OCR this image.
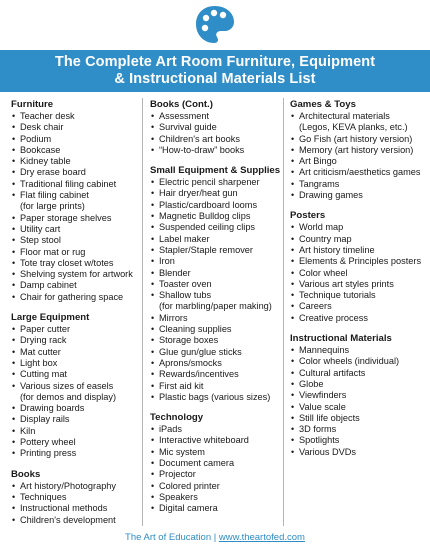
The Complete Art Room Furniture, Equipment
& Instructional Materials List
Furniture
• Teacher desk
• Desk chair
• Podium
• Bookcase
• Kidney table
• Dry erase board
• Traditional filing cabinet
• Flat filing cabinet
(for large prints)
• Paper storage shelves
• Utility cart
• Step stool
• Floor mat or rug
• Tote tray closet w/totes
• Shelving system for artwork
• Damp cabinet
• Chair for gathering space
Large Equipment
• Paper cutter
• Drying rack
• Mat cutter
• Light box
• Cutting mat
• Various sizes of easels
(for demos and display)
• Drawing boards
• Display rails
• Kiln
• Pottery wheel
• Printing press
Books
• Art history/Photography
• Techniques
• Instructional methods
• Children's development
Books (Cont.)
• Assessment
• Survival guide
• Children's art books
• “How-to-draw” books
Small Equipment & Supplies
• Electric pencil sharpener
• Hair dryer/heat gun
• Plastic/cardboard looms
• Magnetic Bulldog clips
• Suspended ceiling clips
• Label maker
• Stapler/Staple remover
• Iron
• Blender
• Toaster oven
• Shallow tubs
(for marbling/paper making)
• Mirrors
• Cleaning supplies
• Storage boxes
• Glue gun/glue sticks
• Aprons/smocks
• Rewards/incentives
• First aid kit
• Plastic bags (various sizes)
Technology
• iPads
• Interactive whiteboard
• Mic system
• Document camera
• Projector
• Colored printer
• Speakers
• Digital camera
Games & Toys
• Architectural materials
(Legos, KEVA planks, etc.)
• Go Fish (art history version)
• Memory (art history version)
• Art Bingo
• Art criticism/aesthetics games
• Tangrams
• Drawing games
Posters
• World map
• Country map
• Art history timeline
• Elements & Principles posters
• Color wheel
• Various art styles prints
• Technique tutorials
• Careers
• Creative process
Instructional Materials
• Mannequins
• Color wheels (individual)
• Cultural artifacts
• Globe
• Viewfinders
• Value scale
• Still life objects
• 3D forms
• Spotlights
• Various DVDs
The Art of Education | www.theartofed.com
